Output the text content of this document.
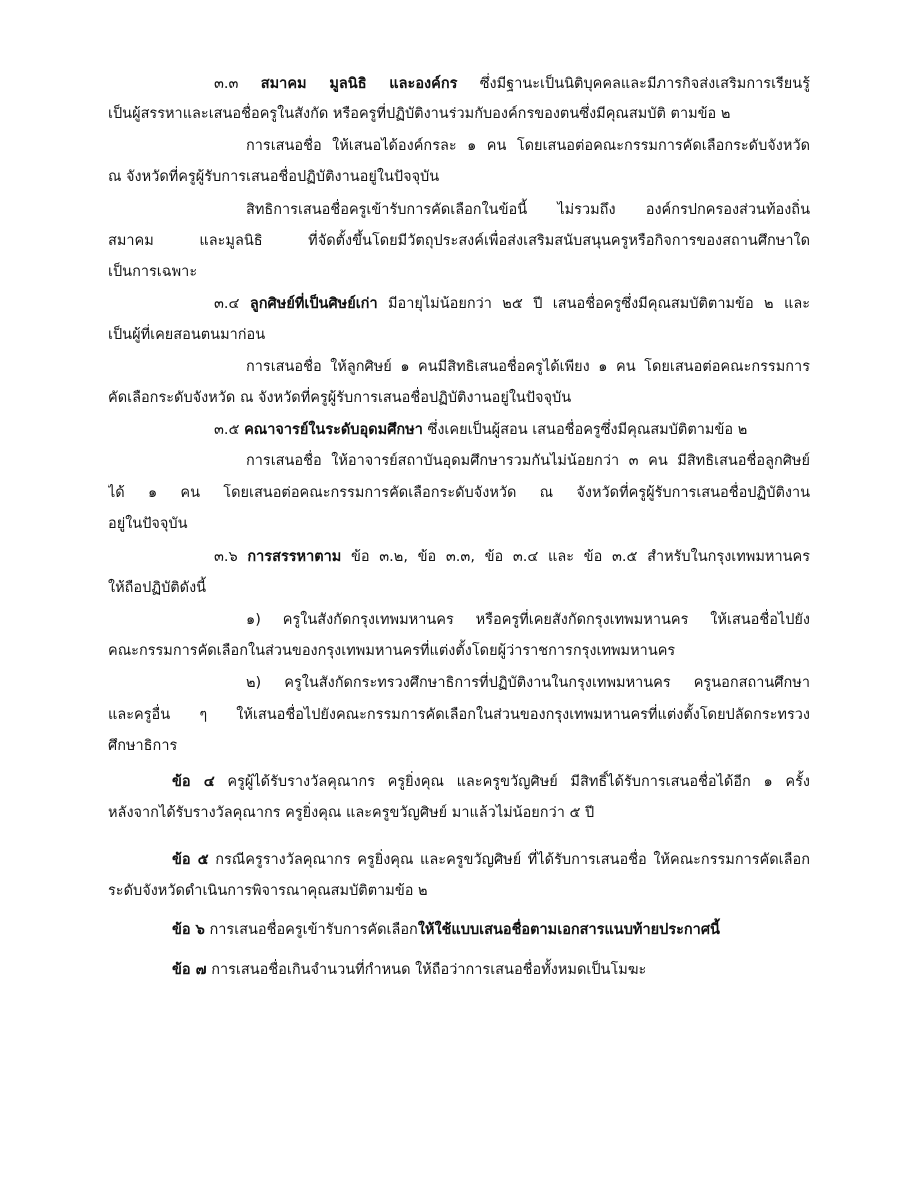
๓.๓ สมาคม มูลนิธิ และองค์กร ซึ่งมีฐานะเป็นนิติบุคคลและมีภารกิจส่งเสริมการเรียนรู้
เป็นผู้สรรหาและเสนอชื่อครูในสังกัด หรือครูที่ปฏิบัติงานร่วมกับองค์กรของตนซึ่งมีคุณสมบัติ ตามข้อ ๒
การเสนอชื่อ ให้เสนอได้องค์กรละ ๑ คน โดยเสนอต่อคณะกรรมการคัดเลือกระดับจังหวัด
ณ จังหวัดที่ครูผู้รับการเสนอชื่อปฏิบัติงานอยู่ในปัจจุบัน
สิทธิการเสนอชื่อครูเข้ารับการคัดเลือกในข้อนี้ ไม่รวมถึง องค์กรปกครองส่วนท้องถิ่น
สมาคม และมูลนิธิ ที่จัดตั้งขึ้นโดยมีวัตถุประสงค์เพื่อส่งเสริมสนับสนุนครูหรือกิจการของสถานศึกษาใด
เป็นการเฉพาะ
๓.๔ ลูกศิษย์ที่เป็นศิษย์เก่า มีอายุไม่น้อยกว่า ๒๕ ปี เสนอชื่อครูซึ่งมีคุณสมบัติตามข้อ ๒ และ
เป็นผู้ที่เคยสอนตนมาก่อน
การเสนอชื่อ ให้ลูกศิษย์ ๑ คนมีสิทธิเสนอชื่อครูได้เพียง ๑ คน โดยเสนอต่อคณะกรรมการ
คัดเลือกระดับจังหวัด ณ จังหวัดที่ครูผู้รับการเสนอชื่อปฏิบัติงานอยู่ในปัจจุบัน
๓.๕ คณาจารย์ในระดับอุดมศึกษา ซึ่งเคยเป็นผู้สอน เสนอชื่อครูซึ่งมีคุณสมบัติตามข้อ ๒
การเสนอชื่อ ให้อาจารย์สถาบันอุดมศึกษารวมกันไม่น้อยกว่า ๓ คน มีสิทธิเสนอชื่อลูกศิษย์
ได้ ๑ คน โดยเสนอต่อคณะกรรมการคัดเลือกระดับจังหวัด ณ จังหวัดที่ครูผู้รับการเสนอชื่อปฏิบัติงาน
อยู่ในปัจจุบัน
๓.๖ การสรรหาตาม ข้อ ๓.๒, ข้อ ๓.๓, ข้อ ๓.๔ และ ข้อ ๓.๕ สำหรับในกรุงเทพมหานคร
ให้ถือปฏิบัติดังนี้
๑) ครูในสังกัดกรุงเทพมหานคร หรือครูที่เคยสังกัดกรุงเทพมหานคร ให้เสนอชื่อไปยัง
คณะกรรมการคัดเลือกในส่วนของกรุงเทพมหานครที่แต่งตั้งโดยผู้ว่าราชการกรุงเทพมหานคร
๒) ครูในสังกัดกระทรวงศึกษาธิการที่ปฏิบัติงานในกรุงเทพมหานคร ครูนอกสถานศึกษา
และครูอื่น ๆ ให้เสนอชื่อไปยังคณะกรรมการคัดเลือกในส่วนของกรุงเทพมหานครที่แต่งตั้งโดยปลัดกระทรวง
ศึกษาธิการ
ข้อ ๔ ครูผู้ได้รับรางวัลคุณากร ครูยิ่งคุณ และครูขวัญศิษย์ มีสิทธิ์ได้รับการเสนอชื่อได้อีก ๑ ครั้ง
หลังจากได้รับรางวัลคุณากร ครูยิ่งคุณ และครูขวัญศิษย์ มาแล้วไม่น้อยกว่า ๕ ปี
ข้อ ๕ กรณีครูรางวัลคุณากร ครูยิ่งคุณ และครูขวัญศิษย์ ที่ได้รับการเสนอชื่อ ให้คณะกรรมการคัดเลือก
ระดับจังหวัดดำเนินการพิจารณาคุณสมบัติตามข้อ ๒
ข้อ ๖ การเสนอชื่อครูเข้ารับการคัดเลือกให้ใช้แบบเสนอชื่อตามเอกสารแนบท้ายประกาศนี้
ข้อ ๗ การเสนอชื่อเกินจำนวนที่กำหนด ให้ถือว่าการเสนอชื่อทั้งหมดเป็นโมฆะ
